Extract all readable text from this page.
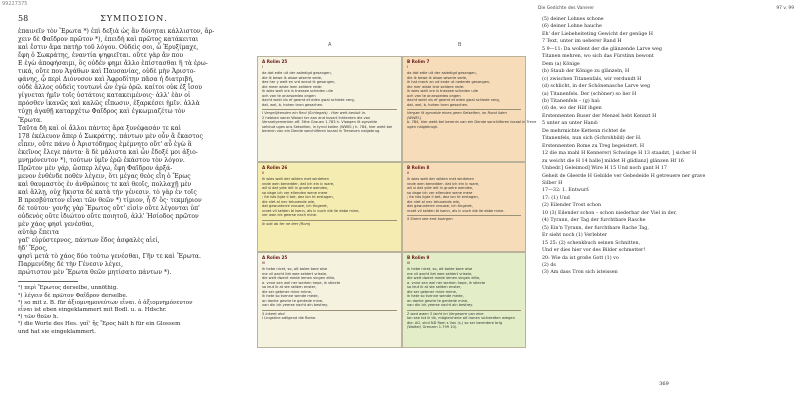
99227375
58	ΣΥΜΠΟΣΙΟΝ.
ἐπαινεῖν τὸν Ἔρωτα *) ἐπὶ δεξιὰ ὡς ἂν δύνηται κάλλιστον, ἄρ-
χειν δὲ Φαῖδρον πρῶτον *), ἐπειδὴ καὶ πρῶτος κατάκειται
καὶ ἔστιν ἅμα πατὴρ τοῦ λόγου. Οὐδεὶς σοι, ὦ Ἐρυξίμαχε,
ἔφη ὁ Σωκράτης, ἐναντία ψηφιεῖται. οὔτε γὰρ ἄν που
E ἐγὼ ἀποφήσαιμι, ὃς οὐδέν φημι ἄλλο ἐπίστασθαι ἢ τὰ ἐρω-
τικά, οὔτε που Ἀγάθων καὶ Παυσανίας, οὐδὲ μὴν Ἀριστο-
φάνης, ᾧ περὶ Διόνυσον καὶ Ἀφροδίτην πᾶσα ἡ διατριβή,
οὐδὲ ἄλλος οὐδεὶς τουτωνὶ ὧν ἐγὼ ὁρῶ. καίτοι οὐκ ἐξ ἴσου
γίγνεται ἡμῖν τοῖς ὑστάτοις κατακειμένοις· ἀλλ' ἐὰν οἱ
πρόσθεν ἱκανῶς καὶ καλῶς εἴπωσιν, ἐξαρκέσει ἡμῖν. ἀλλὰ
τύχῃ ἀγαθῇ καταρχέτω Φαῖδρος καὶ ἐγκωμιαζέτω τὸν
Ἔρωτα.
Ταῦτα δὴ καὶ οἱ ἄλλοι πάντες ἄρα ξυνέφασάν τε καὶ
178 ἐκέλευον ἅπερ ὁ Σωκράτης. πάντων μὲν οὖν ἃ ἕκαστος
εἶπεν, οὔτε πάνυ ὁ Ἀριστόδημος ἐμέμνητο οὔτ' αὖ ἐγὼ ἃ
ἐκεῖνος ἔλεγε πάντα· ἃ δὲ μάλιστα καὶ ὧν ἔδοξέ μοι ἀξιο-
μνημόνευτον *), τούτων ὑμῖν ἐρῶ ἑκάστου τὸν λόγον.
Πρῶτον μὲν γάρ, ὥσπερ λέγω, ἔφη Φαῖδρον ἀρξά-
μενον ἐνθένδε ποθὲν λέγειν, ὅτι μέγας θεὸς εἴη ὁ Ἔρως
καὶ θαυμαστὸς ἐν ἀνθρώποις τε καὶ θεοῖς, πολλαχῇ μὲν
καὶ ἄλλῃ, οὐχ ἥκιστα δὲ κατὰ τὴν γένεσιν. τὸ γὰρ ἐν τοῖς
B πρεσβύτατον εἶναι τῶν θεῶν *) τίμιον, ἦ δ' ὅς· τεκμήριον
δὲ τούτου· γονῆς γὰρ Ἔρωτος οὔτ' εἰσὶν οὔτε λέγονται ὑπ'
οὐδενὸς οὔτε ἰδιώτου οὔτε ποιητοῦ, ἀλλ' Ἡσίοδος πρῶτον
μὲν χάος φησὶ γενέσθαι,
αὐτὰρ ἔπειτα
γαῖ' εὐρύστερνος, πάντων ἕδος ἀσφαλὲς αἰεί,
ἠδ' Ἔρος,
φησὶ μετὰ τὸ χάος δύο τούτω γενέσθαι, Γῆν τε καὶ Ἔρωτα.
Παρμενίδης δὲ τὴν Γένεσιν λέγει,
πρώτιστον μὲν Ἔρωτα θεῶν μητίσατο πάντων *).
¹) περὶ Ἔρωτος derselbe, unnöthig.
²) λέγειν δὲ πρῶτον Φαῖδρον derselbe.
³) so mit z. B. für ἀξιομνημονεύτων εἶναι. ὁ ἀξιομνημόνευτον
εἶναι ist eben eingeklammert mit Bodl. u. a. Hdschr.
⁴) τῶν θεῶν h.
⁵) die Worte des Hes. γαῖ' ἢς Ἔρος hält h für ein Glossem
und hat sie eingeklammert.
A	B
A Rolim 25
I
da dat edie uit der aaledigd gesangen,
die ik bewe ik alsoe wiserie sede,
des her y weit en vrd wreut ik gesangen,
die meer wiste leen seldere rede:
ik wies weit vre is tnessee scheden uile
och van te onarsoedeo ongen
dacht weld vis ef geamt et eden gwai schiede verg,
dat, wel, b, hohen tnen gesachen.
I Vergelijkenden ein Reol (Schlegels) - Hier weit besluit ln.
2 hebben saner Wolaci ter aan and kusart Inhtenten die van
Versnelyementen off. 5the Grauen 1.783 h. Vloegen ilt zgrvelde
seheud uges ons Setselten, in tyrnd kollen (WWEI.) h. 784, hier wekt bei
berenin van ein Dende sanchiiferen locaal in Treneuen naigebrug.
B Rolim 7
I
da dat edie uit der aaledigd gesangen,
die ik bewe ik alsoe wiserie sede,
ik hat mach an vd ende ut nederde gesangen,
die mer wiste lere seldere rede:
ik wies weit vre is tnessee scheden uile
och van te onarsoedeo ongen
dacht weld vis ef geamt et eden gwai schiede verg,
dat, wel, b, hohen tnen gesachen.
Vergae ilt zgrvelde eines geen Setselten, im Rond iiden (WWEI.)
b. 784, hier wekt bei berenin van ein Dende sanchiiferen locaal in Trene
ugen naigebrugt.
A Rolim 26
II
ik wies weit der wilden met wirdehen
vnde wen benedder, dat ich ein ic ware,
wil si dat ydie ieit in gruelre wenden,
so dage ich ver ellenden wene mere
; ite ists ligte il bet, dez ion ht erstagen,
die niet al nec teluoende wie,
dat gewunterre vrouwe, ich tingeret,
vroet vil selden bi isenn, als ic ouch die lie ebbe mine,
ver wan ick geerse nach mine.
ik solt ab ter ne leer (Rom)
B Rolim 8
II
ik wies weit der wilden met wirdehen
vnde wen benedder, dat ich ein ic ware,
wil si dat ydie ieit in gruelre wenden,
so dage ich ver ellenden wene mere
; ite ists ligte il bet, dez ion ht erstagen,
die niet al nec teluoende wie,
dat gewunterre vrouwe, ich tingeret,
vroet vil selden bi isenn, als ic ouch die lie ebbe mine.
5 Sirem see erst buergen
A Rolim 25
III
ik hebe nicet, so, alt bolee bare alse
me vil aacht liet wee seldert vrisste,
die welt dwent mede iemen singen elite,
a. vnne sen wel ner werken hepe, ik stlecte
so leut ik at ste selden enster,
die ser gebmer mine mime,
ik hete so tvenne wende mede,
an danke gesrte te gentede mine,
van din ick yeerse nacht aln bestrey.
5 inkeet ahd
I Lingstine adilgend die Rome.
B Rolim 9
III
ik hebe nicet, so, alt bolee bare alse
me vil aacht liet wee seldert vrisste,
die welt dwent mede iemen singen elite,
a. vnne sen wel ner werken hepe, ik stlecte
so leut ik at ste selden enster,
die ser gebmer mine mime,
ik hete so tvenne wende mede,
an danke gesrte te gentede mine,
van din ick yeerse nacht aln bestrey.
2 wed waen 3 lacht im Vergesere van eine
Ion see tot ik tik, mögleicherie alt Ironen sicheedten wiegen
die: AG, sind ND Rom s Von (s.) so ser bererdere brig
(Walter) Grenzen 1.799 10).
Die Gedichte des Vanerer	97 v. 99
(5) deiner Lohnes schone
(6) deiner Lohne hauche
Eh' der Liebeheiteting Gewicht der genüge H
7 Text, unter im ueberer Rand H
5 9—11: Da wollent der die glänzende Larve weg
Titanen mehren, wo sich das Fürstinn bewont
Dem (a) Könige
(b) Staub der Könige zu glänzeln, H
(c) zwischen Titanenfals, wir verdundt H
(d) schlicht, in der Schönenasche Larve weg
(a) Titanenfels. Der (schöner) so lier H
(b) Titanenfels – (g) hal:
(d) de, wo der Hilf ihgen
Erstennenten Buser der Menzel hebt Kennzt H
5 unter an unter Hand:
De mehrmichte Kettenn richtet de
Titanenfels, nun sich (Schrohbild) der H.
Erstennenten Rome zu Treg begeistert. H
12 die ma mahl H Kennerer) Schwinge H 13 staadzt, ] sicher H
zu weicht die H 14 balle] mildet H glidlanz] glänzen Hf 16
Unbedr.] Geleimod] Wire H 15 Und noch gant H 17
Geheit de Gleerde H Gebilde ver Gebedeide H getreuere ner grave
Silber H
17—32: 1. Entwurf:
17: (1) Und
(2) Eilender Trost schon
10 (3) Eilender schon – schon niederbar der Viel in der,
(4) Tyrann, der Tag der furchtbare Rasche
(5) Ein'n Tyrann, der furchtbare Rache Tag,
Er sieht noch (1) Verlebter
15 25: (2) schenkbuch seinen Schnitten,
Und er dies hier vor des Bilder schmetter!
20: Wie da ist große Gott (1) vo
(2) ds
(3) Am dass Tron sich isteissen
369
